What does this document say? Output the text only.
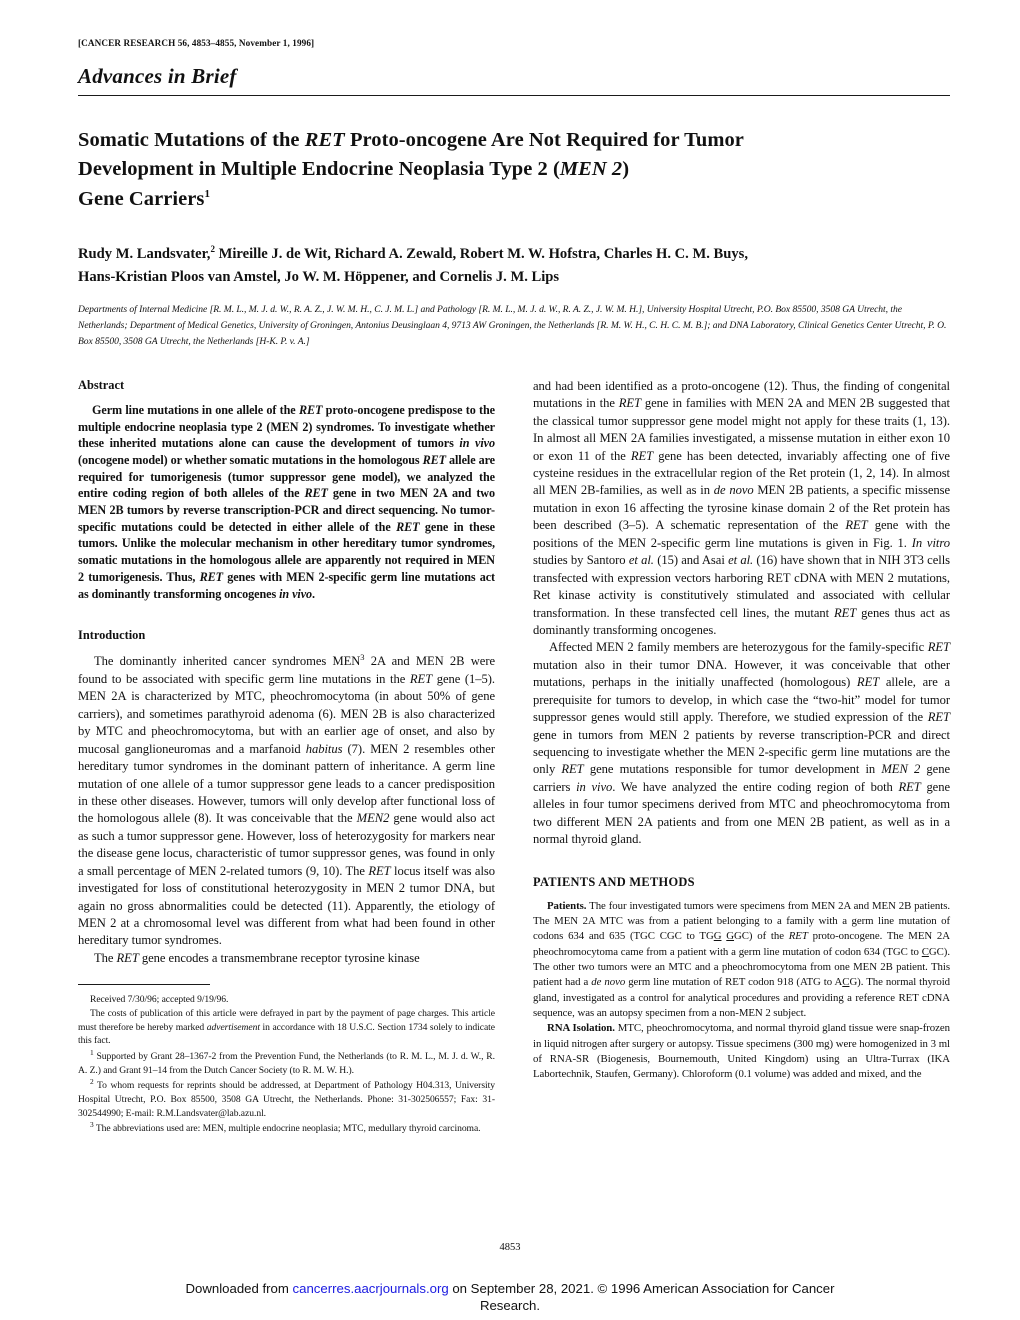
[CANCER RESEARCH 56, 4853–4855, November 1, 1996]
Advances in Brief
Somatic Mutations of the RET Proto-oncogene Are Not Required for Tumor
Development in Multiple Endocrine Neoplasia Type 2 (MEN 2)
Gene Carriers$^1$
Rudy M. Landsvater,$^2$ Mireille J. de Wit, Richard A. Zewald, Robert M. W. Hofstra, Charles H. C. M. Buys,
Hans-Kristian Ploos van Amstel, Jo W. M. Höppener, and Cornelis J. M. Lips
Departments of Internal Medicine [R. M. L., M. J. d. W., R. A. Z., J. W. M. H., C. J. M. L.] and Pathology [R. M. L., M. J. d. W., R. A. Z., J. W. M. H.], University Hospital Utrecht, P.O. Box 85500, 3508 GA Utrecht, the Netherlands; Department of Medical Genetics, University of Groningen, Antonius Deusinglaan 4, 9713 AW Groningen, the Netherlands [R. M. W. H., C. H. C. M. B.]; and DNA Laboratory, Clinical Genetics Center Utrecht, P. O. Box 85500, 3508 GA Utrecht, the Netherlands [H-K. P. v. A.]
Abstract

Germ line mutations in one allele of the RET proto-oncogene predispose to the multiple endocrine neoplasia type 2 (MEN 2) syndromes. To investigate whether these inherited mutations alone can cause the development of tumors in vivo (oncogene model) or whether somatic mutations in the homologous RET allele are required for tumorigenesis (tumor suppressor gene model), we analyzed the entire coding region of both alleles of the RET gene in two MEN 2A and two MEN 2B tumors by reverse transcription-PCR and direct sequencing. No tumor-specific mutations could be detected in either allele of the RET gene in these tumors. Unlike the molecular mechanism in other hereditary tumor syndromes, somatic mutations in the homologous allele are apparently not required in MEN 2 tumorigenesis. Thus, RET genes with MEN 2-specific germ line mutations act as dominantly transforming oncogenes in vivo.

Introduction

The dominantly inherited cancer syndromes MEN$^3$ 2A and MEN 2B were found to be associated with specific germ line mutations in the RET gene (1–5). MEN 2A is characterized by MTC, pheochromocytoma (in about 50% of gene carriers), and sometimes parathyroid adenoma (6). MEN 2B is also characterized by MTC and pheochromocytoma, but with an earlier age of onset, and also by mucosal ganglioneuromas and a marfanoid habitus (7). MEN 2 resembles other hereditary tumor syndromes in the dominant pattern of inheritance. A germ line mutation of one allele of a tumor suppressor gene leads to a cancer predisposition in these other diseases. However, tumors will only develop after functional loss of the homologous allele (8). It was conceivable that the MEN2 gene would also act as such a tumor suppressor gene. However, loss of heterozygosity for markers near the disease gene locus, characteristic of tumor suppressor genes, was found in only a small percentage of MEN 2-related tumors (9, 10). The RET locus itself was also investigated for loss of constitutional heterozygosity in MEN 2 tumor DNA, but again no gross abnormalities could be detected (11). Apparently, the etiology of MEN 2 at a chromosomal level was different from what had been found in other hereditary tumor syndromes.

The RET gene encodes a transmembrane receptor tyrosine kinase

Received 7/30/96; accepted 9/19/96.

The costs of publication of this article were defrayed in part by the payment of page charges. This article must therefore be hereby marked advertisement in accordance with 18 U.S.C. Section 1734 solely to indicate this fact.

$^1$ Supported by Grant 28–1367-2 from the Prevention Fund, the Netherlands (to R. M. L., M. J. d. W., R. A. Z.) and Grant 91–14 from the Dutch Cancer Society (to R. M. W. H.).

$^2$ To whom requests for reprints should be addressed, at Department of Pathology H04.313, University Hospital Utrecht, P.O. Box 85500, 3508 GA Utrecht, the Netherlands. Phone: 31-302506557; Fax: 31-302544990; E-mail: R.M.Landsvater@lab.azu.nl.

$^3$ The abbreviations used are: MEN, multiple endocrine neoplasia; MTC, medullary thyroid carcinoma.

and had been identified as a proto-oncogene (12). Thus, the finding of congenital mutations in the RET gene in families with MEN 2A and MEN 2B suggested that the classical tumor suppressor gene model might not apply for these traits (1, 13). In almost all MEN 2A families investigated, a missense mutation in either exon 10 or exon 11 of the RET gene has been detected, invariably affecting one of five cysteine residues in the extracellular region of the Ret protein (1, 2, 14). In almost all MEN 2B-families, as well as in de novo MEN 2B patients, a specific missense mutation in exon 16 affecting the tyrosine kinase domain 2 of the Ret protein has been described (3–5). A schematic representation of the RET gene with the positions of the MEN 2-specific germ line mutations is given in Fig. 1. In vitro studies by Santoro et al. (15) and Asai et al. (16) have shown that in NIH 3T3 cells transfected with expression vectors harboring RET cDNA with MEN 2 mutations, Ret kinase activity is constitutively stimulated and associated with cellular transformation. In these transfected cell lines, the mutant RET genes thus act as dominantly transforming oncogenes.

Affected MEN 2 family members are heterozygous for the family-specific RET mutation also in their tumor DNA. However, it was conceivable that other mutations, perhaps in the initially unaffected (homologous) RET allele, are a prerequisite for tumors to develop, in which case the “two-hit” model for tumor suppressor genes would still apply. Therefore, we studied expression of the RET gene in tumors from MEN 2 patients by reverse transcription-PCR and direct sequencing to investigate whether the MEN 2-specific germ line mutations are the only RET gene mutations responsible for tumor development in MEN 2 gene carriers in vivo. We have analyzed the entire coding region of both RET gene alleles in four tumor specimens derived from MTC and pheochromocytoma from two different MEN 2A patients and from one MEN 2B patient, as well as in a normal thyroid gland.

PATIENTS AND METHODS

Patients. The four investigated tumors were specimens from MEN 2A and MEN 2B patients. The MEN 2A MTC was from a patient belonging to a family with a germ line mutation of codons 634 and 635 (TGC CGC to TGG GGC) of the RET proto-oncogene. The MEN 2A pheochromocytoma came from a patient with a germ line mutation of codon 634 (TGC to CGC). The other two tumors were an MTC and a pheochromocytoma from one MEN 2B patient. This patient had a de novo germ line mutation of RET codon 918 (ATG to ACG). The normal thyroid gland, investigated as a control for analytical procedures and providing a reference RET cDNA sequence, was an autopsy specimen from a non-MEN 2 subject.

RNA Isolation. MTC, pheochromocytoma, and normal thyroid gland tissue were snap-frozen in liquid nitrogen after surgery or autopsy. Tissue specimens (300 mg) were homogenized in 3 ml of RNA-SR (Biogenesis, Bournemouth, United Kingdom) using an Ultra-Turrax (IKA Labortechnik, Staufen, Germany). Chloroform (0.1 volume) was added and mixed, and the

4853
Downloaded from cancerres.aacrjournals.org on September 28, 2021. © 1996 American Association for Cancer
Research.
